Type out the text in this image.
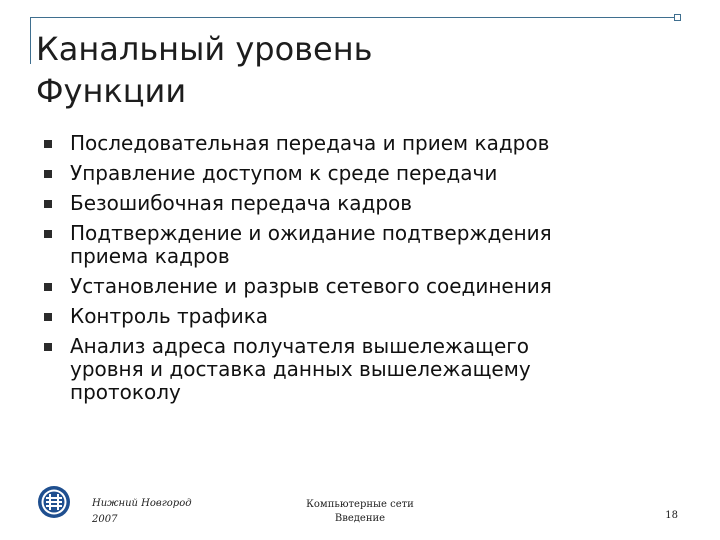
Канальный уровень
Функции
Последовательная передача и прием кадров
Управление доступом к среде передачи
Безошибочная передача кадров
Подтверждение и ожидание подтверждения
приема кадров
Установление и разрыв сетевого соединения
Контроль трафика
Анализ адреса получателя вышележащего
уровня и доставка данных вышележащему
протоколу
Нижний Новгород
2007
Компьютерные сети
Введение	18
